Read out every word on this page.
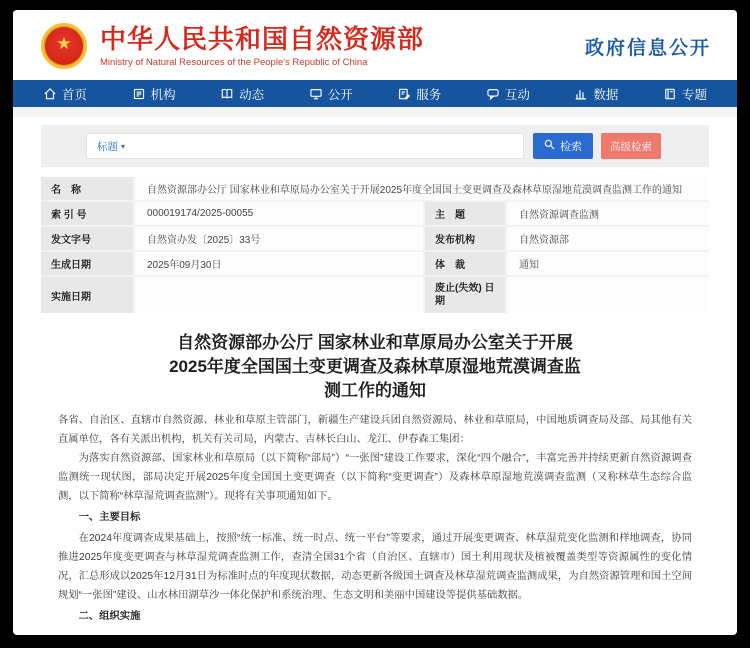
★ 中华人民共和国自然资源部
Ministry of Natural Resources of the People's Republic of China
政府信息公开
首页	机构	动态	公开	服务	互动	数据	专题
标题 ▾	检索	高级检索
名　称	自然资源部办公厅 国家林业和草原局办公室关于开展2025年度全国国土变更调查及森林草原湿地荒漠调查监测工作的通知
索 引 号	000019174/2025-00055	主　题	自然资源调查监测
发文字号	自然资办发〔2025〕33号	发布机构	自然资源部
生成日期	2025年09月30日	体　裁	通知
实施日期
废止(失效) 日期
自然资源部办公厅 国家林业和草原局办公室关于开展
2025年度全国国土变更调查及森林草原湿地荒漠调查监
测工作的通知

各省、自治区、直辖市自然资源、林业和草原主管部门，新疆生产建设兵团自然资源局、林业和草原局，中国地质调查局及部、局其他有关直属单位，各有关派出机构，机关有关司局，内蒙古、吉林长白山、龙江、伊春森工集团：

为落实自然资源部、国家林业和草原局（以下简称“部局”）“一张图”建设工作要求，深化“四个融合”，丰富完善并持续更新自然资源调查监测统一现状图，部局决定开展2025年度全国国土变更调查（以下简称“变更调查”）及森林草原湿地荒漠调查监测（又称林草生态综合监测，以下简称“林草湿荒调查监测”）。现将有关事项通知如下。

一、主要目标

在2024年度调查成果基础上，按照“统一标准、统一时点、统一平台”等要求，通过开展变更调查、林草湿荒变化监测和样地调查，协同推进2025年度变更调查与林草湿荒调查监测工作，查清全国31个省（自治区、直辖市）国土利用现状及植被覆盖类型等资源属性的变化情况，汇总形成以2025年12月31日为标准时点的年度现状数据，动态更新各级国土调查及林草湿荒调查监测成果，为自然资源管理和国土空间规划“一张图”建设、山水林田湖草沙一体化保护和系统治理、生态文明和美丽中国建设等提供基础数据。

二、组织实施
